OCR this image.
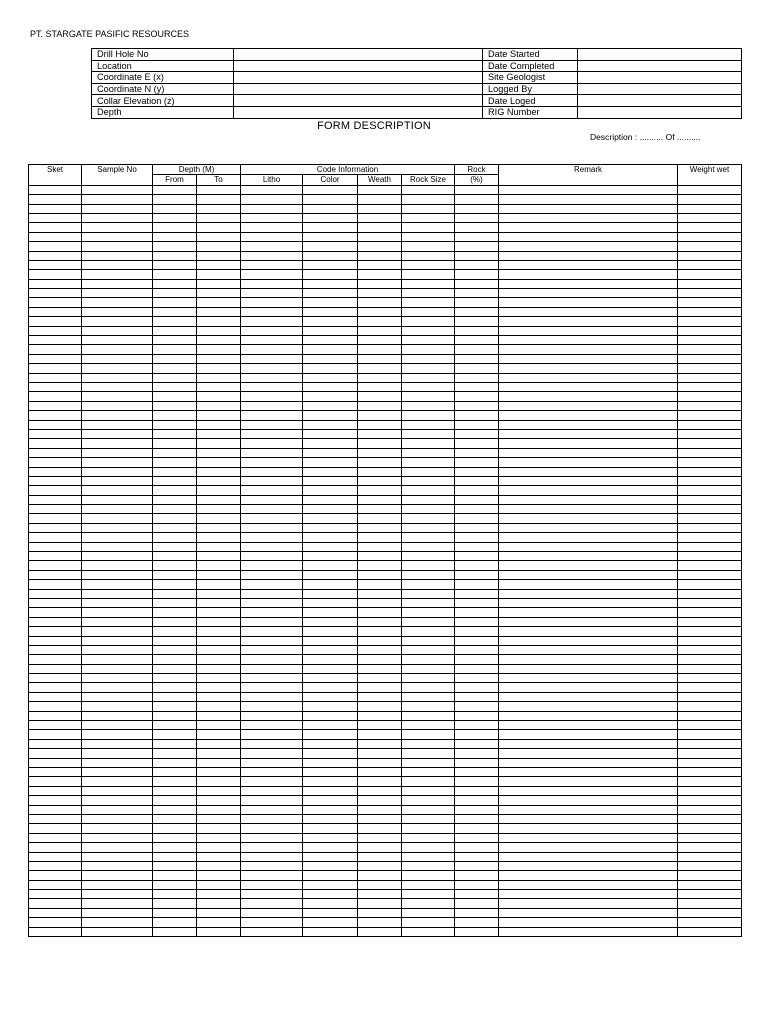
PT. STARGATE PASIFIC RESOURCES
Drill Hole No		Date Started	
Location		Date Completed	
Coordinate E (x)		Site Geologist	
Coordinate N (y)		Logged By	
Collar Elevation (z)		Date Loged	
Depth		RIG Number	
FORM DESCRIPTION
Description : .......... Of ..........
Sket	Sample No	Depth (M)		Code Information				Rock	Remark	Weight wet
		From	To	Litho	Color	Weath	Rock Size	(%)		
